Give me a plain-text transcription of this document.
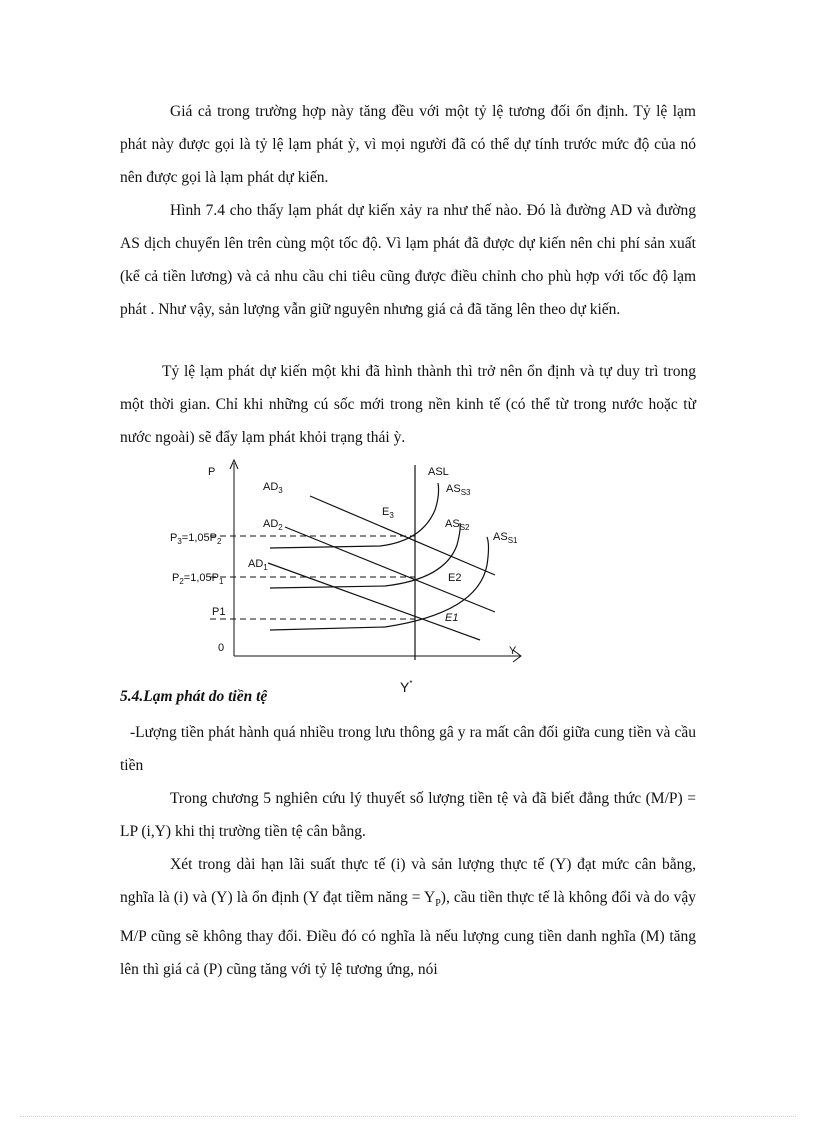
Giá cả trong trường hợp này tăng đều với một tỷ lệ tương đối ổn định. Tỷ lệ lạm phát này được gọi là tỷ lệ lạm phát ỳ, vì mọi người đã có thể dự tính trước mức độ của nó nên được gọi là lạm phát dự kiến.

Hình 7.4 cho thấy lạm phát dự kiến xảy ra như thế nào. Đó là đường AD và đường AS dịch chuyển lên trên cùng một tốc độ. Vì lạm phát đã được dự kiến nên chi phí sản xuất (kể cả tiền lương) và cả nhu cầu chi tiêu cũng được điều chỉnh cho phù hợp với tốc độ lạm phát . Như vậy, sản lượng vẫn giữ nguyên nhưng giá cả đã tăng lên theo dự kiến.

Tỷ lệ lạm phát dự kiến một khi đã hình thành thì trở nên ổn định và tự duy trì trong một thời gian. Chỉ khi những cú sốc mới trong nền kinh tế (có thể từ trong nước hoặc từ nước ngoài) sẽ đẩy lạm phát khỏi trạng thái ỳ.

P
0	Y
ASL
$AD_3$
$AD_2$
$AD_1$
$AS_{S3}$
$AS_{S2}$
$AS_{S1}$
$E_3$
E2
E1
$P_3=1,05P_2$
$P_2=1,05P_1$
P1
Y*

5.4.Lạm phát do tiền tệ

-Lượng tiền phát hành quá nhiều trong lưu thông gâ y ra mất cân đối giữa cung tiền và cầu tiền

Trong chương 5 nghiên cứu lý thuyết số lượng tiền tệ và đã biết đẳng thức (M/P) = LP (i,Y) khi thị trường tiền tệ cân bằng.

Xét trong dài hạn lãi suất thực tế (i) và sản lượng thực tế (Y) đạt mức cân bằng, nghĩa là (i) và (Y) là ổn định (Y đạt tiềm năng = $Y_P$), cầu tiền thực tế là không đổi và do vậy M/P cũng sẽ không thay đổi. Điều đó có nghĩa là nếu lượng cung tiền danh nghĩa (M) tăng lên thì giá cả (P) cũng tăng với tỷ lệ tương ứng, nói
